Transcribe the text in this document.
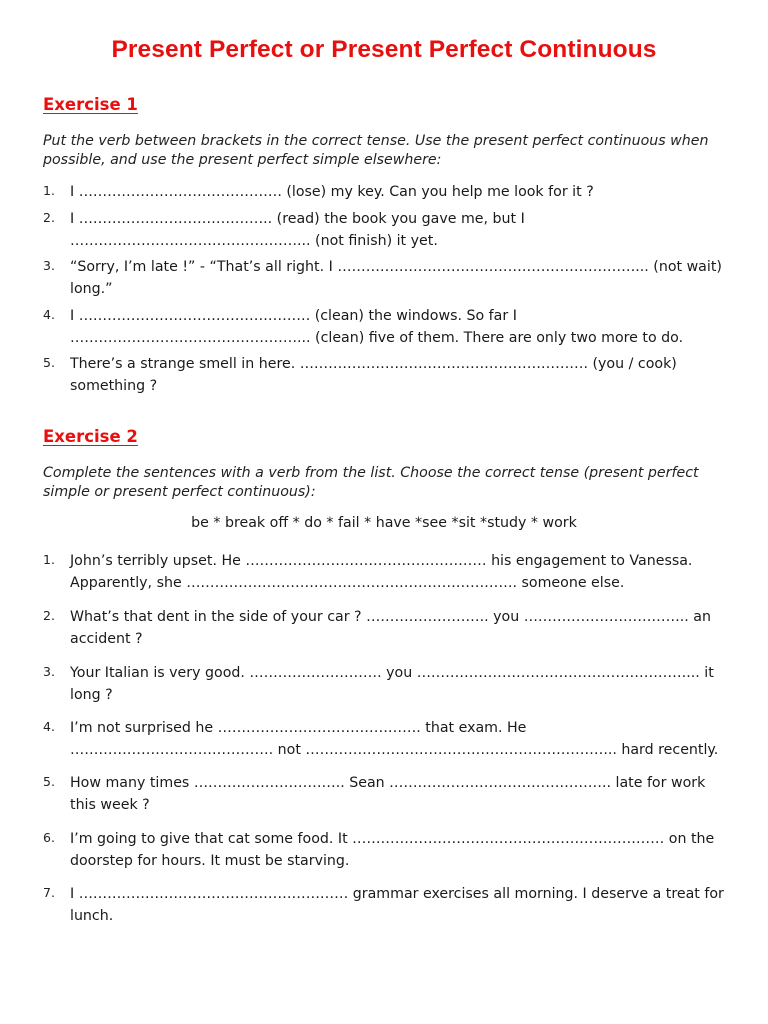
Present Perfect or Present Perfect Continuous
Exercise 1
Put the verb between brackets in the correct tense. Use the present perfect continuous when possible, and use the present perfect simple elsewhere:
1. I ……………………………………. (lose) my key. Can you help me look for it ?
2. I ………………………………….. (read) the book you gave me, but I …………………………………………... (not finish) it yet.
3. “Sorry, I’m late !” - “That’s all right. I ………………………………………………………... (not wait) long.”
4. I …………………………………………. (clean) the windows. So far I …………………………………………... (clean) five of them. There are only two more to do.
5. There’s a strange smell in here. ……………………………………………………. (you / cook) something ?
Exercise 2
Complete the sentences with a verb from the list. Choose the correct tense (present perfect simple or present perfect continuous):
be * break off * do * fail * have *see *sit *study * work
1. John’s terribly upset. He …………………………………………… his engagement to Vanessa. Apparently, she ……………………………………………………………. someone else.
2. What’s that dent in the side of your car ? …………………….. you …………………………….. an accident ?
3. Your Italian is very good. ………………………. you …………………………………………………... it long ?
4. I’m not surprised he ……………………………………. that exam. He ……………………………………. not ………………………………………………………... hard recently.
5. How many times ………………………….. Sean ……………………………………….. late for work this week ?
6. I’m going to give that cat some food. It ………………………………………………………… on the doorstep for hours. It must be starving.
7. I ………………………………………………… grammar exercises all morning. I deserve a treat for lunch.
